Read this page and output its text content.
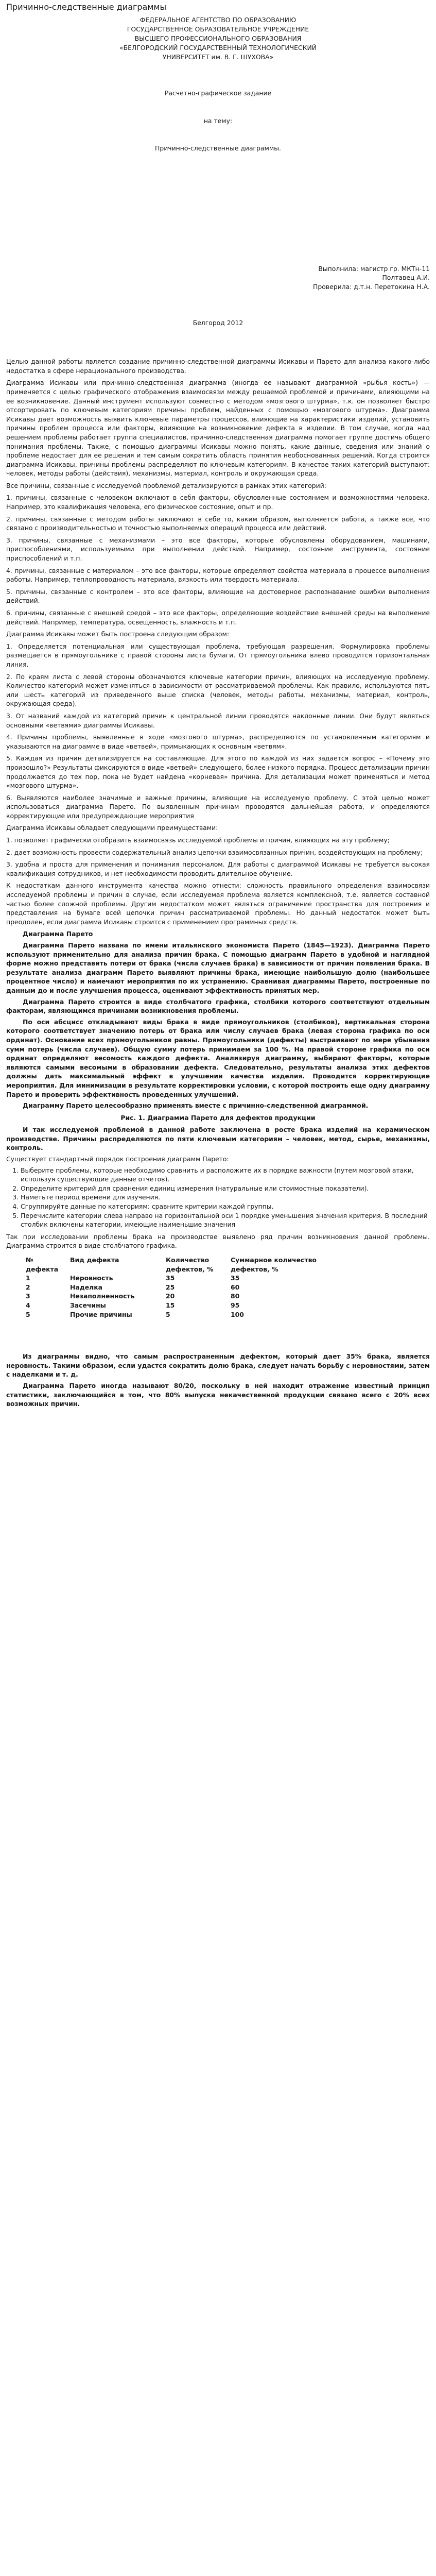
Причинно-следственные диаграммы

ФЕДЕРАЛЬНОЕ АГЕНТСТВО ПО ОБРАЗОВАНИЮ

ГОСУДАРСТВЕННОЕ ОБРАЗОВАТЕЛЬНОЕ УЧРЕЖДЕНИЕ

ВЫСШЕГО ПРОФЕССИОНАЛЬНОГО ОБРАЗОВАНИЯ

«БЕЛГОРОДСКИЙ ГОСУДАРСТВЕННЫЙ ТЕХНОЛОГИЧЕСКИЙ

УНИВЕРСИТЕТ им. В. Г. ШУХОВА»

Расчетно-графическое задание

на тему:

Причинно-следственные диаграммы.

Выполнила: магистр гр. МКТн-11

Полтавец А.И.

Проверила: д.т.н. Перетокина Н.А.

Белгород 2012

Целью данной работы является создание причинно-следственной диаграммы Исикавы и Парето для анализа какого-либо недостатка в сфере нерационального производства.

Диаграмма Исикавы или причинно-следственная диаграмма (иногда ее называют диаграммой «рыбья кость») — применяется с целью графического отображения взаимосвязи между решаемой проблемой и причинами, влияющими на ее возникновение. Данный инструмент используют совместно с методом «мозгового штурма», т.к. он позволяет быстро отсортировать по ключевым категориям причины проблем, найденных с помощью «мозгового штурма». Диаграмма Исикавы дает возможность выявить ключевые параметры процессов, влияющие на характеристики изделий, установить причины проблем процесса или факторы, влияющие на возникновение дефекта в изделии. В том случае, когда над решением проблемы работает группа специалистов, причинно-следственная диаграмма помогает группе достичь общего понимания проблемы. Также, с помощью диаграммы Исикавы можно понять, какие данные, сведения или знаний о проблеме недостает для ее решения и тем самым сократить область принятия необоснованных решений. Когда строится диаграмма Исикавы, причины проблемы распределяют по ключевым категориям. В качестве таких категорий выступают: человек, методы работы (действия), механизмы, материал, контроль и окружающая среда.

Все причины, связанные с исследуемой проблемой детализируются в рамках этих категорий:

1. причины, связанные с человеком включают в себя факторы, обусловленные состоянием и возможностями человека. Например, это квалификация человека, его физическое состояние, опыт и пр.

2. причины, связанные с методом работы заключают в себе то, каким образом, выполняется работа, а также все, что связано с производительностью и точностью выполняемых операций процесса или действий.

3. причины, связанные с механизмами – это все факторы, которые обусловлены оборудованием, машинами, приспособлениями, используемыми при выполнении действий. Например, состояние инструмента, состояние приспособлений и т.п.

4. причины, связанные с материалом – это все факторы, которые определяют свойства материала в процессе выполнения работы. Например, теплопроводность материала, вязкость или твердость материала.

5. причины, связанные с контролем – это все факторы, влияющие на достоверное распознавание ошибки выполнения действий.

6. причины, связанные с внешней средой – это все факторы, определяющие воздействие внешней среды на выполнение действий. Например, температура, освещенность, влажность и т.п.

Диаграмма Исикавы может быть построена следующим образом:

1. Определяется потенциальная или существующая проблема, требующая разрешения. Формулировка проблемы размещается в прямоугольнике с правой стороны листа бумаги. От прямоугольника влево проводится горизонтальная линия.

2. По краям листа с левой стороны обозначаются ключевые категории причин, влияющих на исследуемую проблему. Количество категорий может изменяться в зависимости от рассматриваемой проблемы. Как правило, используются пять или шесть категорий из приведенного выше списка (человек, методы работы, механизмы, материал, контроль, окружающая среда).

3. От названий каждой из категорий причин к центральной линии проводятся наклонные линии. Они будут являться основными «ветвями» диаграммы Исикавы.

4. Причины проблемы, выявленные в ходе «мозгового штурма», распределяются по установленным категориям и указываются на диаграмме в виде «ветвей», примыкающих к основным «ветвям».

5. Каждая из причин детализируется на составляющие. Для этого по каждой из них задается вопрос – «Почему это произошло?» Результаты фиксируются в виде «ветвей» следующего, более низкого порядка. Процесс детализации причин продолжается до тех пор, пока не будет найдена «корневая» причина. Для детализации может применяться и метод «мозгового штурма».

6. Выявляются наиболее значимые и важные причины, влияющие на исследуемую проблему. С этой целью может использоваться диаграмма Парето. По выявленным причинам проводятся дальнейшая работа, и определяются корректирующие или предупреждающие мероприятия

Диаграмма Исикавы обладает следующими преимуществами:

1. позволяет графически отобразить взаимосвязь исследуемой проблемы и причин, влияющих на эту проблему;

2. дает возможность провести содержательный анализ цепочки взаимосвязанных причин, воздействующих на проблему;

3. удобна и проста для применения и понимания персоналом. Для работы с диаграммой Исикавы не требуется высокая квалификация сотрудников, и нет необходимости проводить длительное обучение.

К недостаткам данного инструмента качества можно отнести: сложность правильного определения взаимосвязи исследуемой проблемы и причин в случае, если исследуемая проблема является комплексной, т.е. является составной частью более сложной проблемы. Другим недостатком может являться ограничение пространства для построения и представления на бумаге всей цепочки причин рассматриваемой проблемы. Но данный недостаток может быть преодолен, если диаграмма Исикавы строится с применением программных средств.

Диаграмма Парето

Диаграмма Парето названа по имени итальянского экономиста Парето (1845—1923). Диаграмма Парето используют применительно для анализа причин брака. С помощью диаграмм Парето в удобной и наглядной форме можно представить потери от брака (числа случаев брака) в зависимости от причин появления брака. В результате анализа диаграмм Парето выявляют причины брака, имеющие наибольшую долю (наибольшее процентное число) и намечают мероприятия по их устранению. Сравнивая диаграммы Парето, построенные по данным до и после улучшения процесса, оценивают эффективность принятых мер.

Диаграмма Парето строится в виде столбчатого графика, столбики которого соответствуют отдельным факторам, являющимся причинами возникновения проблемы.

По оси абсцисс откладывают виды брака в виде прямоугольников (столбиков), вертикальная сторона которого соответствует значению потерь от брака или числу случаев брака (левая сторона графика по оси ординат). Основание всех прямоугольников равны. Прямоугольники (дефекты) выстраивают по мере убывания сумм потерь (числа случаев). Общую сумму потерь принимаем за 100 %. На правой стороне графика по оси ординат определяют весомость каждого дефекта. Анализируя диаграмму, выбирают факторы, которые являются самыми весомыми в образовании дефекта. Следовательно, результаты анализа этих дефектов должны дать максимальный эффект в улучшении качества изделия. Проводится корректирующие мероприятия. Для минимизации в результате корректировки условии, с которой построить еще одну диаграмму Парето и проверить эффективность проведенных улучшений.

Диаграмму Парето целесообразно применять вместе с причинно-следственной диаграммой.

Рис. 1. Диаграмма Парето для дефектов продукции

И так исследуемой проблемой в данной работе заключена в росте брака изделий на керамическом производстве. Причины распределяются по пяти ключевым категориям – человек, метод, сырье, механизмы, контроль.

Существует стандартный порядок построения диаграмм Парето:

1. Выберите проблемы, которые необходимо сравнить и расположите их в порядке важности (путем мозговой атаки, используя существующие данные отчетов).
2. Определите критерий для сравнения единиц измерения (натуральные или стоимостные показатели).
3. Наметьте период времени для изучения.
4. Сгруппируйте данные по категориям: сравните критерии каждой группы.
5. Перечислите категории слева направо на горизонтальной оси 1 порядке уменьшения значения критерия. В последний столбик включены категории, имеющие наименьшие значения

Так при исследовании проблемы брака на производстве выявлено ряд причин возникновения данной проблемы. Диаграмма строится в виде столбчатого графика.

№ дефекта	Вид дефекта	Количество дефектов, %	Суммарное количество дефектов, %
1	Неровность	35	35
2	Наделка	25	60
3	Незаполненность	20	80
4	Засечины	15	95
5	Прочие причины	5	100

Из диаграммы видно, что самым распространенным дефектом, который дает 35% брака, является неровность. Такими образом, если удастся сократить долю брака, следует начать борьбу с неровностями, затем с наделками и т. д.

Диаграмма Парето иногда называют 80/20, поскольку в ней находит отражение известный принцип статистики, заключающийся в том, что 80% выпуска некачественной продукции связано всего с 20% всех возможных причин.
